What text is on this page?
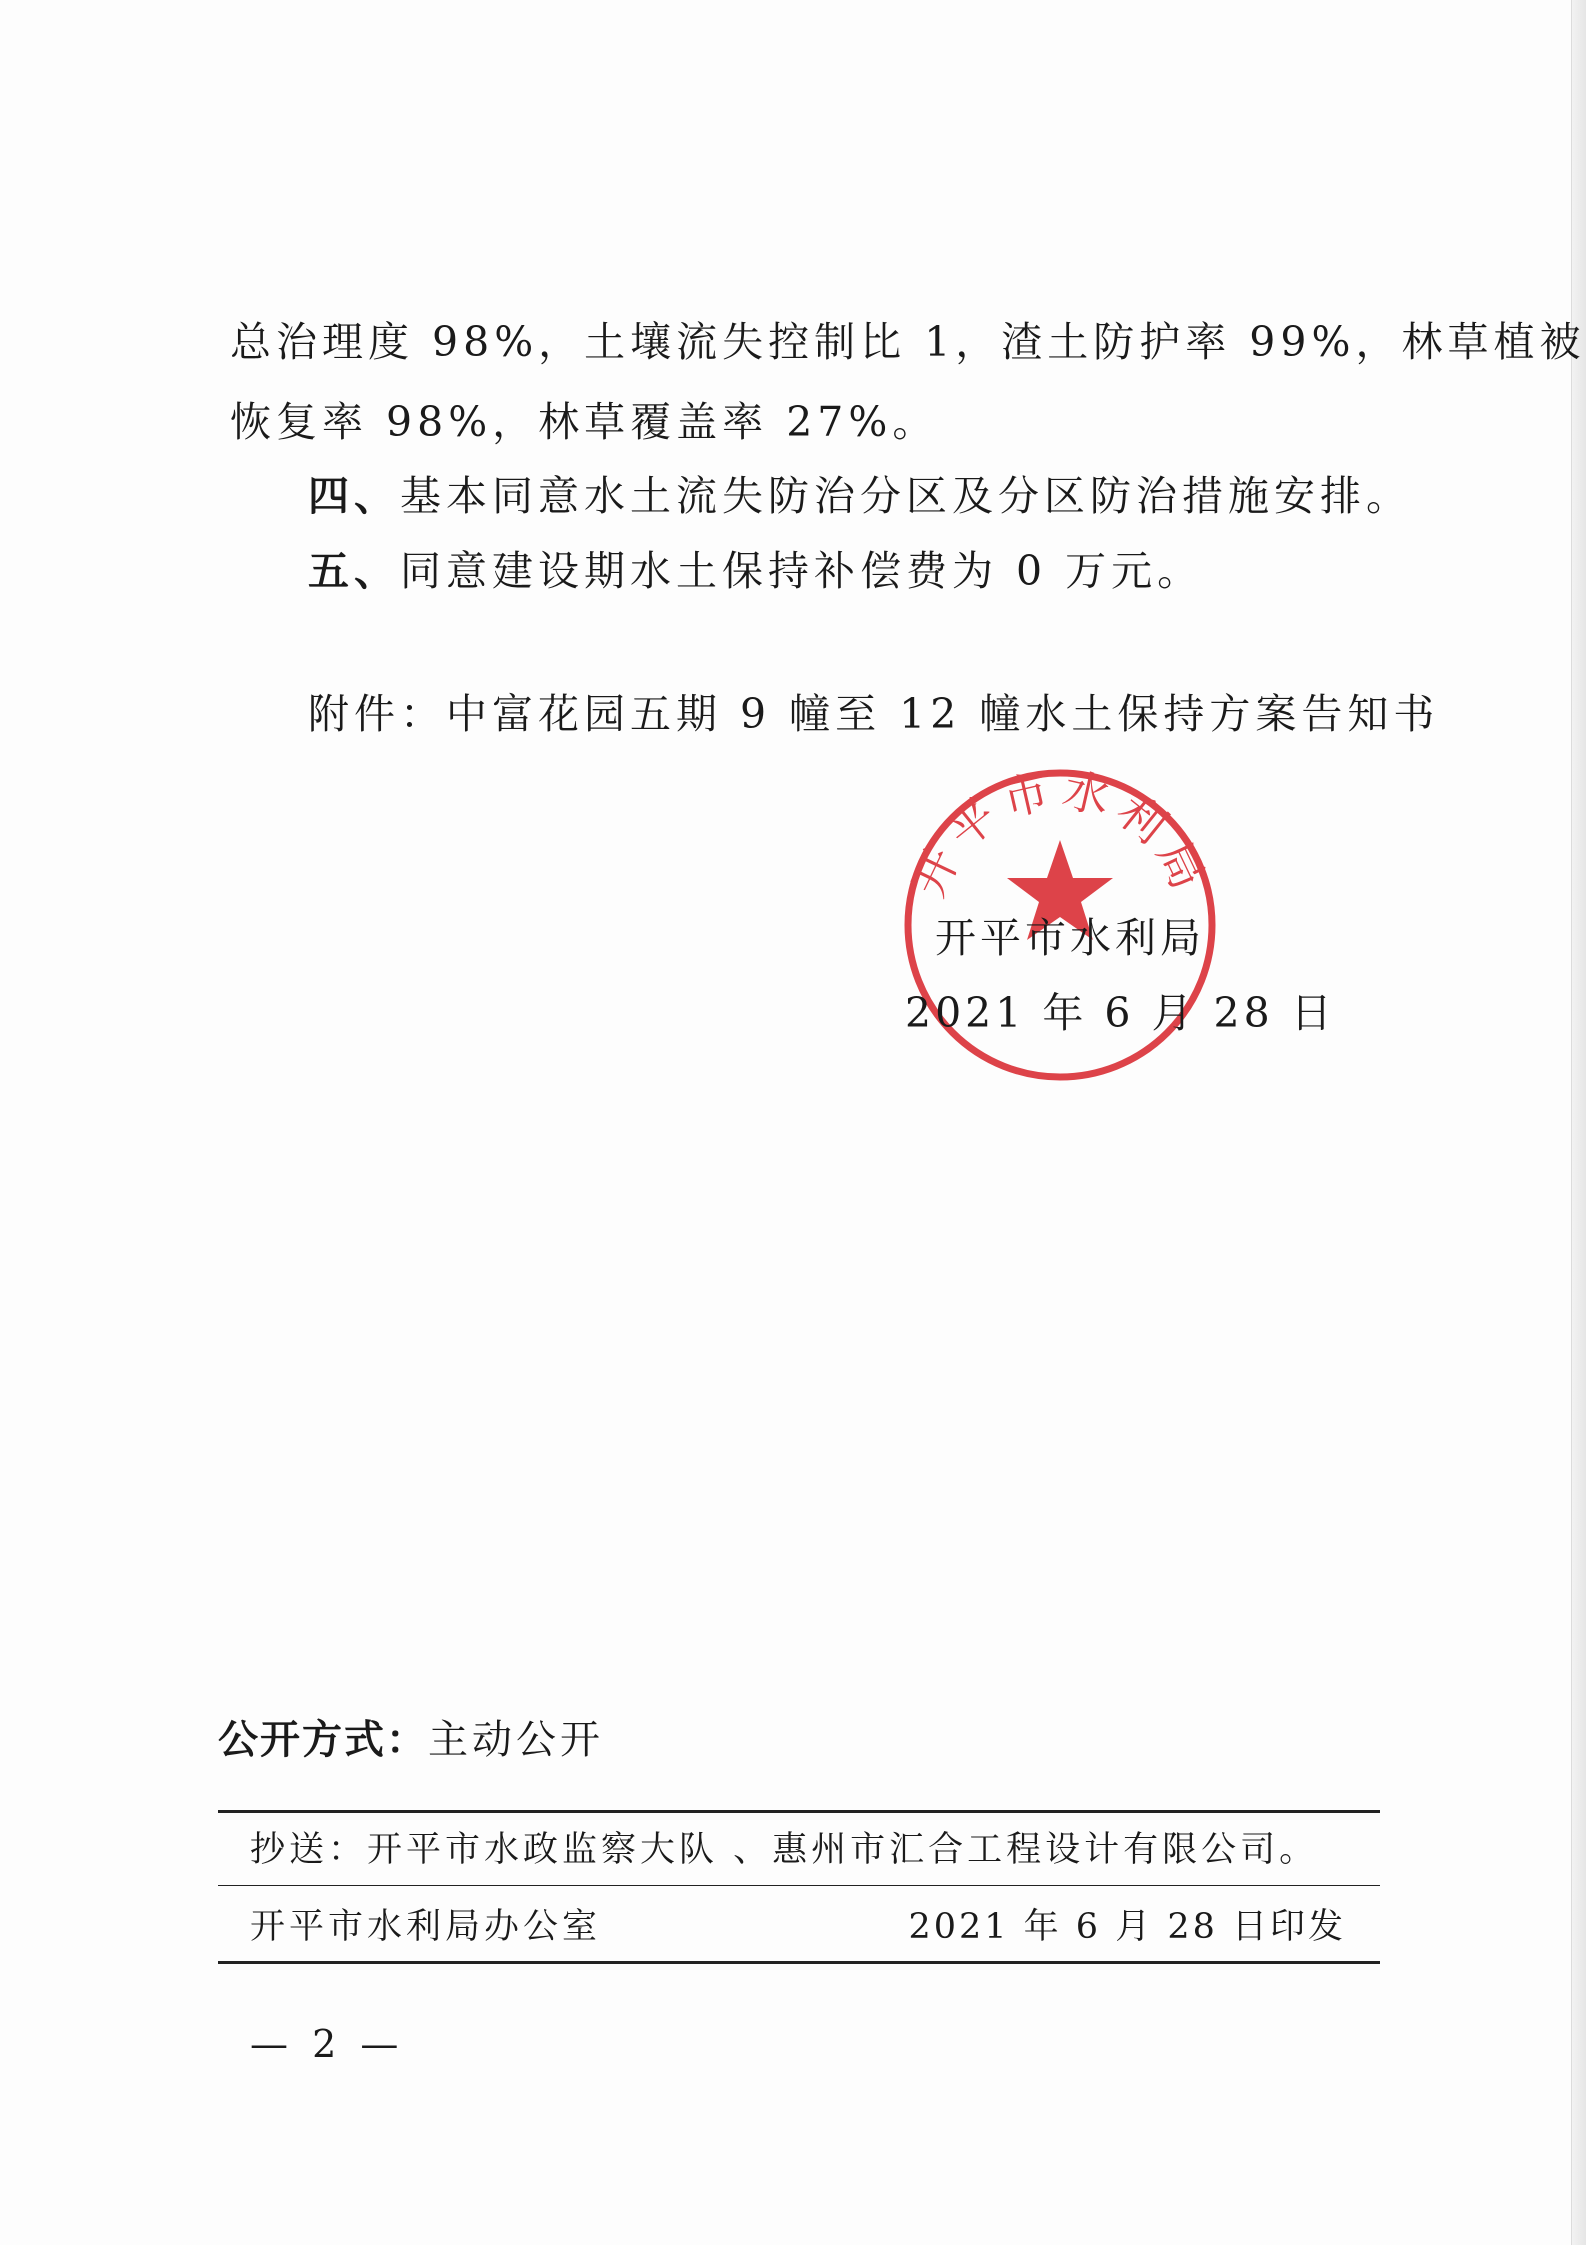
总治理度 98%，土壤流失控制比 1，渣土防护率 99%，林草植被
恢复率 98%，林草覆盖率 27%。
四、基本同意水土流失防治分区及分区防治措施安排。
五、同意建设期水土保持补偿费为 0 万元。
附件：中富花园五期 9 幢至 12 幢水土保持方案告知书
开平市水利局
开平市水利局
2021 年 6 月 28 日
公开方式：主动公开
抄送：开平市水政监察大队 、惠州市汇合工程设计有限公司。
开平市水利局办公室	2021 年 6 月 28 日印发
— 2 —
